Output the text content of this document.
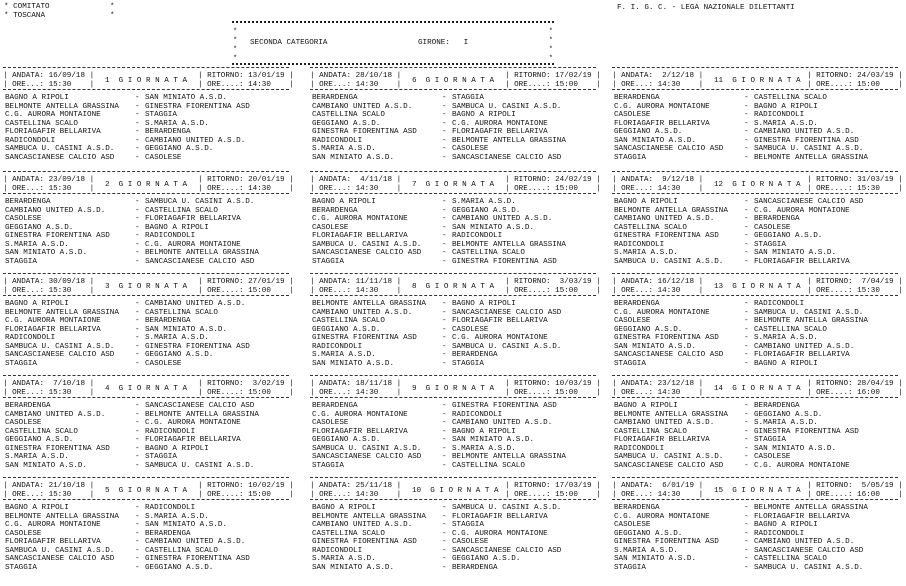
* COMITATO
* TOSCANA
*
*
F. I. G. C. - LEGA NAZIONALE DILETTANTI
*
*
*
*
*
*
*
*
SECONDA CATEGORIA	GIRONE:   I
| ANDATA: 16/09/18 |
| ORE...: 15:30    | 1  G I O R N A T A
| RITORNO: 13/01/19 |
| ORE....: 14:30    |
BAGNO A RIPOLI	- SAN MINIATO A.S.D.
BELMONTE ANTELLA GRASSINA - GINESTRA FIORENTINA ASD
C.G. AURORA MONTAIONE	- STAGGIA
CASTELLINA SCALO	- S.MARIA A.S.D.
FLORIAGAFIR BELLARIVA	- BERARDENGA
RADICONDOLI	- CAMBIANO UNITED A.S.D.
SAMBUCA U. CASINI A.S.D.	- GEGGIANO A.S.D.
SANCASCIANESE CALCIO ASD	- CASOLESE
| ANDATA: 23/09/18 |
| ORE...: 15:30    | 2  G I O R N A T A
| RITORNO: 20/01/19 |
| ORE....: 14:30    |
BERARDENGA	- SAMBUCA U. CASINI A.S.D.
CAMBIANO UNITED A.S.D.	- CASTELLINA SCALO
CASOLESE	- FLORIAGAFIR BELLARIVA
GEGGIANO A.S.D.	- BAGNO A RIPOLI
GINESTRA FIORENTINA ASD	- RADICONDOLI
S.MARIA A.S.D.	- C.G. AURORA MONTAIONE
SAN MINIATO A.S.D.	- BELMONTE ANTELLA GRASSINA
STAGGIA	- SANCASCIANESE CALCIO ASD
| ANDATA: 30/09/18 |
| ORE...: 15:30    | 3  G I O R N A T A
| RITORNO: 27/01/19 |
| ORE....: 15:00    |
BAGNO A RIPOLI	- CAMBIANO UNITED A.S.D.
BELMONTE ANTELLA GRASSINA - CASTELLINA SCALO
C.G. AURORA MONTAIONE	- BERARDENGA
FLORIAGAFIR BELLARIVA	- SAN MINIATO A.S.D.
RADICONDOLI	- S.MARIA A.S.D.
SAMBUCA U. CASINI A.S.D.	- GINESTRA FIORENTINA ASD
SANCASCIANESE CALCIO ASD	- GEGGIANO A.S.D.
STAGGIA	- CASOLESE
| ANDATA:  7/10/18 |
| ORE...: 15:30    | 4  G I O R N A T A
| RITORNO:  3/02/19 |
| ORE....: 15:00    |
BERARDENGA	- SANCASCIANESE CALCIO ASD
CAMBIANO UNITED A.S.D.	- BELMONTE ANTELLA GRASSINA
CASOLESE	- C.G. AURORA MONTAIONE
CASTELLINA SCALO	- RADICONDOLI
GEGGIANO A.S.D.	- FLORIAGAFIR BELLARIVA
GINESTRA FIORENTINA ASD	- BAGNO A RIPOLI
S.MARIA A.S.D.	- STAGGIA
SAN MINIATO A.S.D.	- SAMBUCA U. CASINI A.S.D.
| ANDATA: 21/10/18 |
| ORE...: 15:30    | 5  G I O R N A T A
| RITORNO: 10/02/19 |
| ORE....: 15:00    |
BAGNO A RIPOLI	- RADICONDOLI
BELMONTE ANTELLA GRASSINA - S.MARIA A.S.D.
C.G. AURORA MONTAIONE	- SAN MINIATO A.S.D.
CASOLESE	- BERARDENGA
FLORIAGAFIR BELLARIVA	- CAMBIANO UNITED A.S.D.
SAMBUCA U. CASINI A.S.D.	- CASTELLINA SCALO
SANCASCIANESE CALCIO ASD	- GINESTRA FIORENTINA ASD
STAGGIA	- GEGGIANO A.S.D.
| ANDATA: 28/10/18 |
| ORE...: 14:30    | 6  G I O R N A T A
| RITORNO: 17/02/19 |
| ORE....: 15:00    |
BERARDENGA	- STAGGIA
CAMBIANO UNITED A.S.D.	- SAMBUCA U. CASINI A.S.D.
CASTELLINA SCALO	- BAGNO A RIPOLI
GEGGIANO A.S.D.	- C.G. AURORA MONTAIONE
GINESTRA FIORENTINA ASD	- FLORIAGAFIR BELLARIVA
RADICONDOLI	- BELMONTE ANTELLA GRASSINA
S.MARIA A.S.D.	- CASOLESE
SAN MINIATO A.S.D.	- SANCASCIANESE CALCIO ASD
| ANDATA:  4/11/18 |
| ORE...: 14:30    | 7  G I O R N A T A
| RITORNO: 24/02/19 |
| ORE....: 15:00    |
BAGNO A RIPOLI	- S.MARIA A.S.D.
BERARDENGA	- GEGGIANO A.S.D.
C.G. AURORA MONTAIONE	- CAMBIANO UNITED A.S.D.
CASOLESE	- SAN MINIATO A.S.D.
FLORIAGAFIR BELLARIVA	- RADICONDOLI
SAMBUCA U. CASINI A.S.D.	- BELMONTE ANTELLA GRASSINA
SANCASCIANESE CALCIO ASD	- CASTELLINA SCALO
STAGGIA	- GINESTRA FIORENTINA ASD
| ANDATA: 11/11/18 |
| ORE...: 14:30    | 8  G I O R N A T A
| RITORNO:  3/03/19 |
| ORE....: 15:00    |
BELMONTE ANTELLA GRASSINA - BAGNO A RIPOLI
CAMBIANO UNITED A.S.D.	- SANCASCIANESE CALCIO ASD
CASTELLINA SCALO	- FLORIAGAFIR BELLARIVA
GEGGIANO A.S.D.	- CASOLESE
GINESTRA FIORENTINA ASD	- C.G. AURORA MONTAIONE
RADICONDOLI	- SAMBUCA U. CASINI A.S.D.
S.MARIA A.S.D.	- BERARDENGA
SAN MINIATO A.S.D.	- STAGGIA
| ANDATA: 18/11/18 |
| ORE...: 14:30    | 9  G I O R N A T A
| RITORNO: 10/03/19 |
| ORE....: 15:00    |
BERARDENGA	- GINESTRA FIORENTINA ASD
C.G. AURORA MONTAIONE	- RADICONDOLI
CASOLESE	- CAMBIANO UNITED A.S.D.
FLORIAGAFIR BELLARIVA	- BAGNO A RIPOLI
GEGGIANO A.S.D.	- SAN MINIATO A.S.D.
SAMBUCA U. CASINI A.S.D.	- S.MARIA A.S.D.
SANCASCIANESE CALCIO ASD	- BELMONTE ANTELLA GRASSINA
STAGGIA	- CASTELLINA SCALO
| ANDATA: 25/11/18 |
| ORE...: 14:30    | 10  G I O R N A T A
| RITORNO: 17/03/19 |
| ORE....: 15:00    |
BAGNO A RIPOLI	- SAMBUCA U. CASINI A.S.D.
BELMONTE ANTELLA GRASSINA - FLORIAGAFIR BELLARIVA
CAMBIANO UNITED A.S.D.	- STAGGIA
CASTELLINA SCALO	- C.G. AURORA MONTAIONE
GINESTRA FIORENTINA ASD	- CASOLESE
RADICONDOLI	- SANCASCIANESE CALCIO ASD
S.MARIA A.S.D.	- GEGGIANO A.S.D.
SAN MINIATO A.S.D.	- BERARDENGA
| ANDATA:  2/12/18 |
| ORE...: 14:30    | 11  G I O R N A T A
| RITORNO: 24/03/19 |
| ORE....: 15:00    |
BERARDENGA	- CASTELLINA SCALO
C.G. AURORA MONTAIONE	- BAGNO A RIPOLI
CASOLESE	- RADICONDOLI
FLORIAGAFIR BELLARIVA	- S.MARIA A.S.D.
GEGGIANO A.S.D.	- CAMBIANO UNITED A.S.D.
SAN MINIATO A.S.D.	- GINESTRA FIORENTINA ASD
SANCASCIANESE CALCIO ASD	- SAMBUCA U. CASINI A.S.D.
STAGGIA	- BELMONTE ANTELLA GRASSINA
| ANDATA:  9/12/18 |
| ORE...: 14:30    | 12  G I O R N A T A
| RITORNO: 31/03/19 |
| ORE....: 15:30    |
BAGNO A RIPOLI	- SANCASCIANESE CALCIO ASD
BELMONTE ANTELLA GRASSINA - C.G. AURORA MONTAIONE
CAMBIANO UNITED A.S.D.	- BERARDENGA
CASTELLINA SCALO	- CASOLESE
GINESTRA FIORENTINA ASD	- GEGGIANO A.S.D.
RADICONDOLI	- STAGGIA
S.MARIA A.S.D.	- SAN MINIATO A.S.D.
SAMBUCA U. CASINI A.S.D.	- FLORIAGAFIR BELLARIVA
| ANDATA: 16/12/18 |
| ORE...: 14:30    | 13  G I O R N A T A
| RITORNO:  7/04/19 |
| ORE....: 15:30    |
BERARDENGA	- RADICONDOLI
C.G. AURORA MONTAIONE	- SAMBUCA U. CASINI A.S.D.
CASOLESE	- BELMONTE ANTELLA GRASSINA
GEGGIANO A.S.D.	- CASTELLINA SCALO
GINESTRA FIORENTINA ASD	- S.MARIA A.S.D.
SAN MINIATO A.S.D.	- CAMBIANO UNITED A.S.D.
SANCASCIANESE CALCIO ASD	- FLORIAGAFIR BELLARIVA
STAGGIA	- BAGNO A RIPOLI
| ANDATA: 23/12/18 |
| ORE...: 14:30    | 14  G I O R N A T A
| RITORNO: 28/04/19 |
| ORE....: 16:00    |
BAGNO A RIPOLI	- BERARDENGA
BELMONTE ANTELLA GRASSINA - GEGGIANO A.S.D.
CAMBIANO UNITED A.S.D.	- S.MARIA A.S.D.
CASTELLINA SCALO	- GINESTRA FIORENTINA ASD
FLORIAGAFIR BELLARIVA	- STAGGIA
RADICONDOLI	- SAN MINIATO A.S.D.
SAMBUCA U. CASINI A.S.D.	- CASOLESE
SANCASCIANESE CALCIO ASD	- C.G. AURORA MONTAIONE
| ANDATA:  6/01/19 |
| ORE...: 14:30    | 15  G I O R N A T A
| RITORNO:  5/05/19 |
| ORE....: 16:00    |
BERARDENGA	- BELMONTE ANTELLA GRASSINA
C.G. AURORA MONTAIONE	- FLORIAGAFIR BELLARIVA
CASOLESE	- BAGNO A RIPOLI
GEGGIANO A.S.D.	- RADICONDOLI
GINESTRA FIORENTINA ASD	- CAMBIANO UNITED A.S.D.
S.MARIA A.S.D.	- SANCASCIANESE CALCIO ASD
SAN MINIATO A.S.D.	- CASTELLINA SCALO
STAGGIA	- SAMBUCA U. CASINI A.S.D.
